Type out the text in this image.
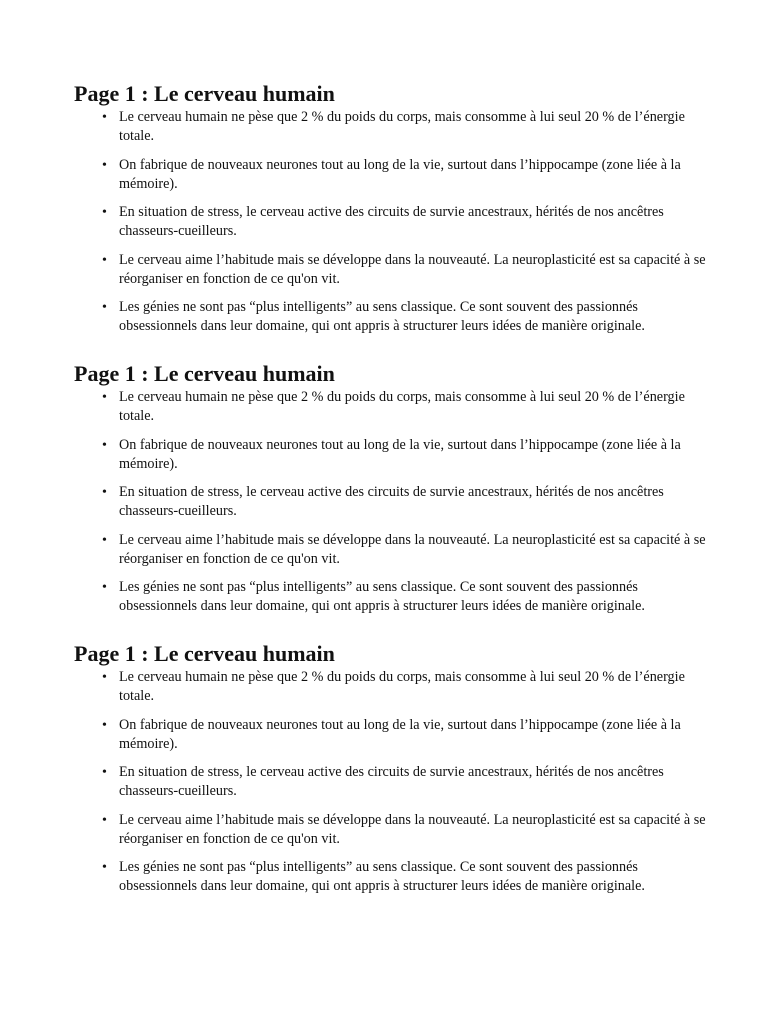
Page 1 : Le cerveau humain
• Le cerveau humain ne pèse que 2 % du poids du corps, mais consomme à lui seul 20 % de l’énergie totale.
• On fabrique de nouveaux neurones tout au long de la vie, surtout dans l’hippocampe (zone liée à la mémoire).
• En situation de stress, le cerveau active des circuits de survie ancestraux, hérités de nos ancêtres chasseurs-cueilleurs.
• Le cerveau aime l’habitude mais se développe dans la nouveauté. La neuroplasticité est sa capacité à se réorganiser en fonction de ce qu'on vit.
• Les génies ne sont pas “plus intelligents” au sens classique. Ce sont souvent des passionnés obsessionnels dans leur domaine, qui ont appris à structurer leurs idées de manière originale.
Page 1 : Le cerveau humain
• Le cerveau humain ne pèse que 2 % du poids du corps, mais consomme à lui seul 20 % de l’énergie totale.
• On fabrique de nouveaux neurones tout au long de la vie, surtout dans l’hippocampe (zone liée à la mémoire).
• En situation de stress, le cerveau active des circuits de survie ancestraux, hérités de nos ancêtres chasseurs-cueilleurs.
• Le cerveau aime l’habitude mais se développe dans la nouveauté. La neuroplasticité est sa capacité à se réorganiser en fonction de ce qu'on vit.
• Les génies ne sont pas “plus intelligents” au sens classique. Ce sont souvent des passionnés obsessionnels dans leur domaine, qui ont appris à structurer leurs idées de manière originale.
Page 1 : Le cerveau humain
• Le cerveau humain ne pèse que 2 % du poids du corps, mais consomme à lui seul 20 % de l’énergie totale.
• On fabrique de nouveaux neurones tout au long de la vie, surtout dans l’hippocampe (zone liée à la mémoire).
• En situation de stress, le cerveau active des circuits de survie ancestraux, hérités de nos ancêtres chasseurs-cueilleurs.
• Le cerveau aime l’habitude mais se développe dans la nouveauté. La neuroplasticité est sa capacité à se réorganiser en fonction de ce qu'on vit.
• Les génies ne sont pas “plus intelligents” au sens classique. Ce sont souvent des passionnés obsessionnels dans leur domaine, qui ont appris à structurer leurs idées de manière originale.
